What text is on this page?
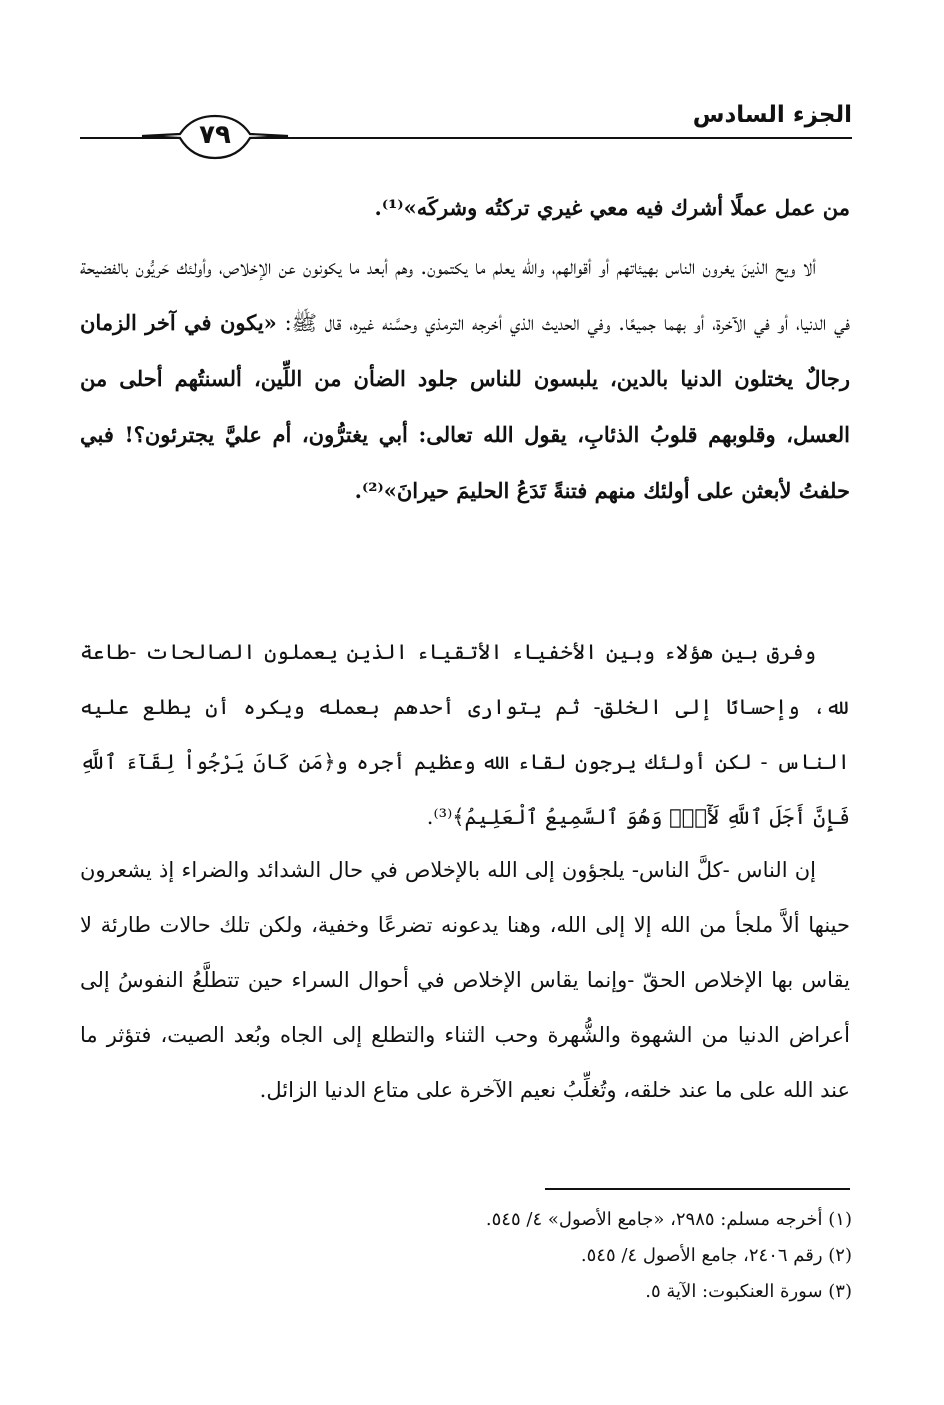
الجزء السادس
٧٩
من عمل عملًا أشرك فيه معي غيري تركتُه وشركَه»⁽¹⁾.
ألا ويح الذينَ يغرون الناس بهيئاتهم أو أقوالهم، والله يعلم ما يكتمون. وهم أبعد ما يكونون عن الإخلاص، وأولئك حَريُّون بالفضيحة في الدنيا، أو في الآخرة، أو بهما جميعًا. وفي الحديث الذي أخرجه الترمذي وحسَّنه غيره، قال ﷺ: «يكون في آخر الزمان رجالٌ يختلون الدنيا بالدين، يلبسون للناس جلود الضأن من اللِّين، ألسنتُهم أحلى من العسل، وقلوبهم قلوبُ الذئابِ، يقول الله تعالى: أبي يغترُّون، أم عليَّ يجترئون؟! فبي حلفتُ لأبعثن على أولئك منهم فتنةً تَدَعُ الحليمَ حيرانَ»⁽²⁾.
وفرق بين هؤلاء وبين الأخفياء الأتقياء الذين يعملون الصالحات -طاعة لله، وإحسانًا إلى الخلق- ثم يتوارى أحدهم بعمله ويكره أن يطلع عليه الناس - لكن أولئك يرجون لقاء الله وعظيم أجره و﴿مَن كَانَ يَرْجُواْ لِقَآءَ ٱللَّهِ فَإِنَّ أَجَلَ ٱللَّهِ لَأٓتٍۚ وَهُوَ ٱلسَّمِيعُ ٱلْعَلِيمُ﴾⁽³⁾.
إن الناس -كلَّ الناس- يلجؤون إلى الله بالإخلاص في حال الشدائد والضراء إذ يشعرون حينها ألاَّ ملجأ من الله إلا إلى الله، وهنا يدعونه تضرعًا وخفية، ولكن تلك حالات طارئة لا يقاس بها الإخلاص الحقّ -وإنما يقاس الإخلاص في أحوال السراء حين تتطلَّعُ النفوسُ إلى أعراض الدنيا من الشهوة والشُّهرة وحب الثناء والتطلع إلى الجاه وبُعد الصيت، فتؤثر ما عند الله على ما عند خلقه، وتُغلِّبُ نعيم الآخرة على متاع الدنيا الزائل.
(١) أخرجه مسلم: ٢٩٨٥، «جامع الأصول» ٤/ ٥٤٥.
(٢) رقم ٢٤٠٦، جامع الأصول ٤/ ٥٤٥.
(٣) سورة العنكبوت: الآية ٥.
